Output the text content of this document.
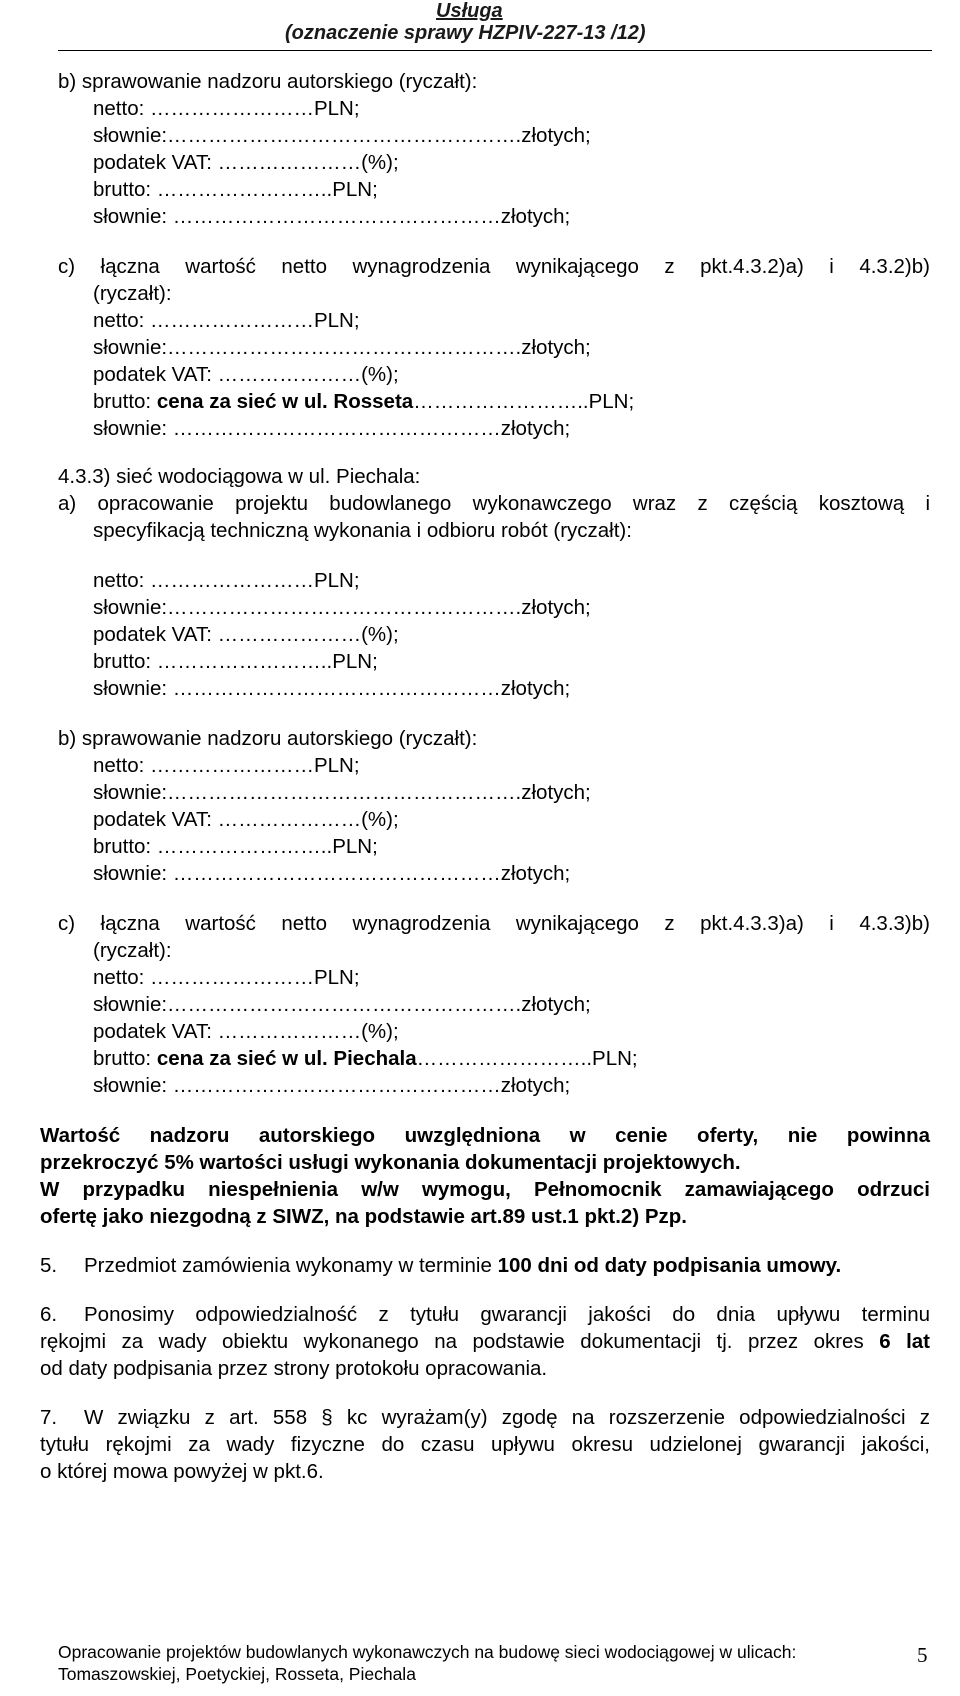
Usługa
(oznaczenie sprawy HZPIV-227-13 /12)
b) sprawowanie nadzoru autorskiego (ryczałt):
netto: ……………………PLN;
słownie:…………………………………………….złotych;
podatek VAT: …………………(%);
brutto: ……………………..PLN;
słownie: …………………………………………złotych;
c) łączna wartość netto wynagrodzenia wynikającego z pkt.4.3.2)a) i 4.3.2)b)
(ryczałt):
netto: ……………………PLN;
słownie:…………………………………………….złotych;
podatek VAT: …………………(%);
brutto: cena za sieć w ul. Rosseta……………………..PLN;
słownie: …………………………………………złotych;
4.3.3) sieć wodociągowa w ul. Piechala:
a) opracowanie projektu budowlanego wykonawczego wraz z częścią kosztową i
specyfikacją techniczną wykonania i odbioru robót (ryczałt):
netto: ……………………PLN;
słownie:…………………………………………….złotych;
podatek VAT: …………………(%);
brutto: ……………………..PLN;
słownie: …………………………………………złotych;
b) sprawowanie nadzoru autorskiego (ryczałt):
netto: ……………………PLN;
słownie:…………………………………………….złotych;
podatek VAT: …………………(%);
brutto: ……………………..PLN;
słownie: …………………………………………złotych;
c) łączna wartość netto wynagrodzenia wynikającego z pkt.4.3.3)a) i 4.3.3)b)
(ryczałt):
netto: ……………………PLN;
słownie:…………………………………………….złotych;
podatek VAT: …………………(%);
brutto: cena za sieć w ul. Piechala……………………..PLN;
słownie: …………………………………………złotych;
Wartość nadzoru autorskiego uwzględniona w cenie oferty, nie powinna
przekroczyć 5% wartości usługi wykonania dokumentacji projektowych.
W przypadku niespełnienia w/w wymogu, Pełnomocnik zamawiającego odrzuci
ofertę jako niezgodną z SIWZ, na podstawie art.89 ust.1 pkt.2) Pzp.
5. Przedmiot zamówienia wykonamy w terminie 100 dni od daty podpisania umowy.
6. Ponosimy odpowiedzialność z tytułu gwarancji jakości do dnia upływu terminu
rękojmi za wady obiektu wykonanego na podstawie dokumentacji tj. przez okres 6 lat
od daty podpisania przez strony protokołu opracowania.
7. W związku z art. 558 § kc wyrażam(y) zgodę na rozszerzenie odpowiedzialności z
tytułu rękojmi za wady fizyczne do czasu upływu okresu udzielonej gwarancji jakości,
o której mowa powyżej w pkt.6.
Opracowanie projektów budowlanych wykonawczych na budowę sieci wodociągowej w ulicach:
Tomaszowskiej, Poetyckiej, Rosseta, Piechala
5
